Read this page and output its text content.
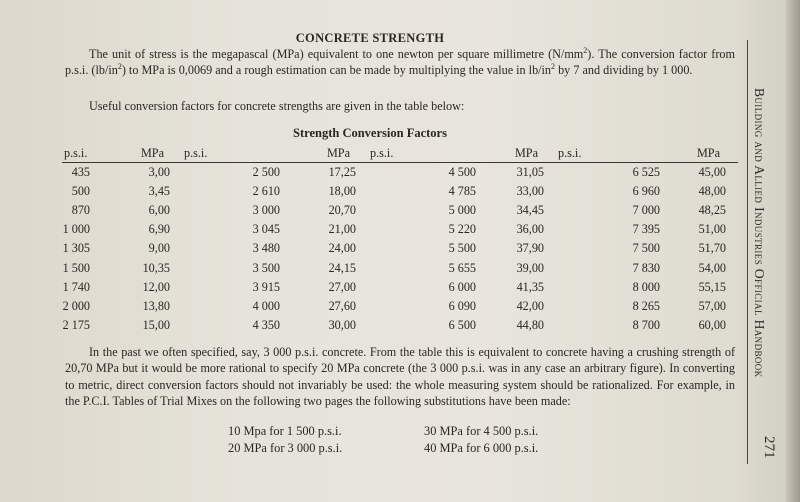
CONCRETE STRENGTH

The unit of stress is the megapascal (MPa) equivalent to one newton per square millimetre $(N/mm^2)$. The conversion factor from p.s.i. $(lb/in^2)$ to MPa is 0,0069 and a rough estimation can be made by multiplying the value in $lb/in^2$ by 7 and dividing by 1 000.

Useful conversion factors for concrete strengths are given in the table below:

Strength Conversion Factors
p.s.i.	MPa	p.s.i.	MPa	p.s.i.	MPa	p.s.i.	MPa
435	3,00	2 500	17,25	4 500	31,05	6 525	45,00
500	3,45	2 610	18,00	4 785	33,00	6 960	48,00
870	6,00	3 000	20,70	5 000	34,45	7 000	48,25
1 000	6,90	3 045	21,00	5 220	36,00	7 395	51,00
1 305	9,00	3 480	24,00	5 500	37,90	7 500	51,70
1 500	10,35	3 500	24,15	5 655	39,00	7 830	54,00
1 740	12,00	3 915	27,00	6 000	41,35	8 000	55,15
2 000	13,80	4 000	27,60	6 090	42,00	8 265	57,00
2 175	15,00	4 350	30,00	6 500	44,80	8 700	60,00

In the past we often specified, say, 3 000 p.s.i. concrete. From the table this is equivalent to concrete having a crushing strength of 20,70 MPa but it would be more rational to specify 20 MPa concrete (the 3 000 p.s.i. was in any case an arbitrary figure). In converting to metric, direct conversion factors should not invariably be used: the whole measuring system should be rationalized. For example, in the P.C.I. Tables of Trial Mixes on the following two pages the following substitutions have been made:

10 Mpa for 1 500 p.s.i.
20 MPa for 3 000 p.s.i.
30 MPa for 4 500 p.s.i.
40 MPa for 6 000 p.s.i.
Building and Allied Industries Official Handbook
271
